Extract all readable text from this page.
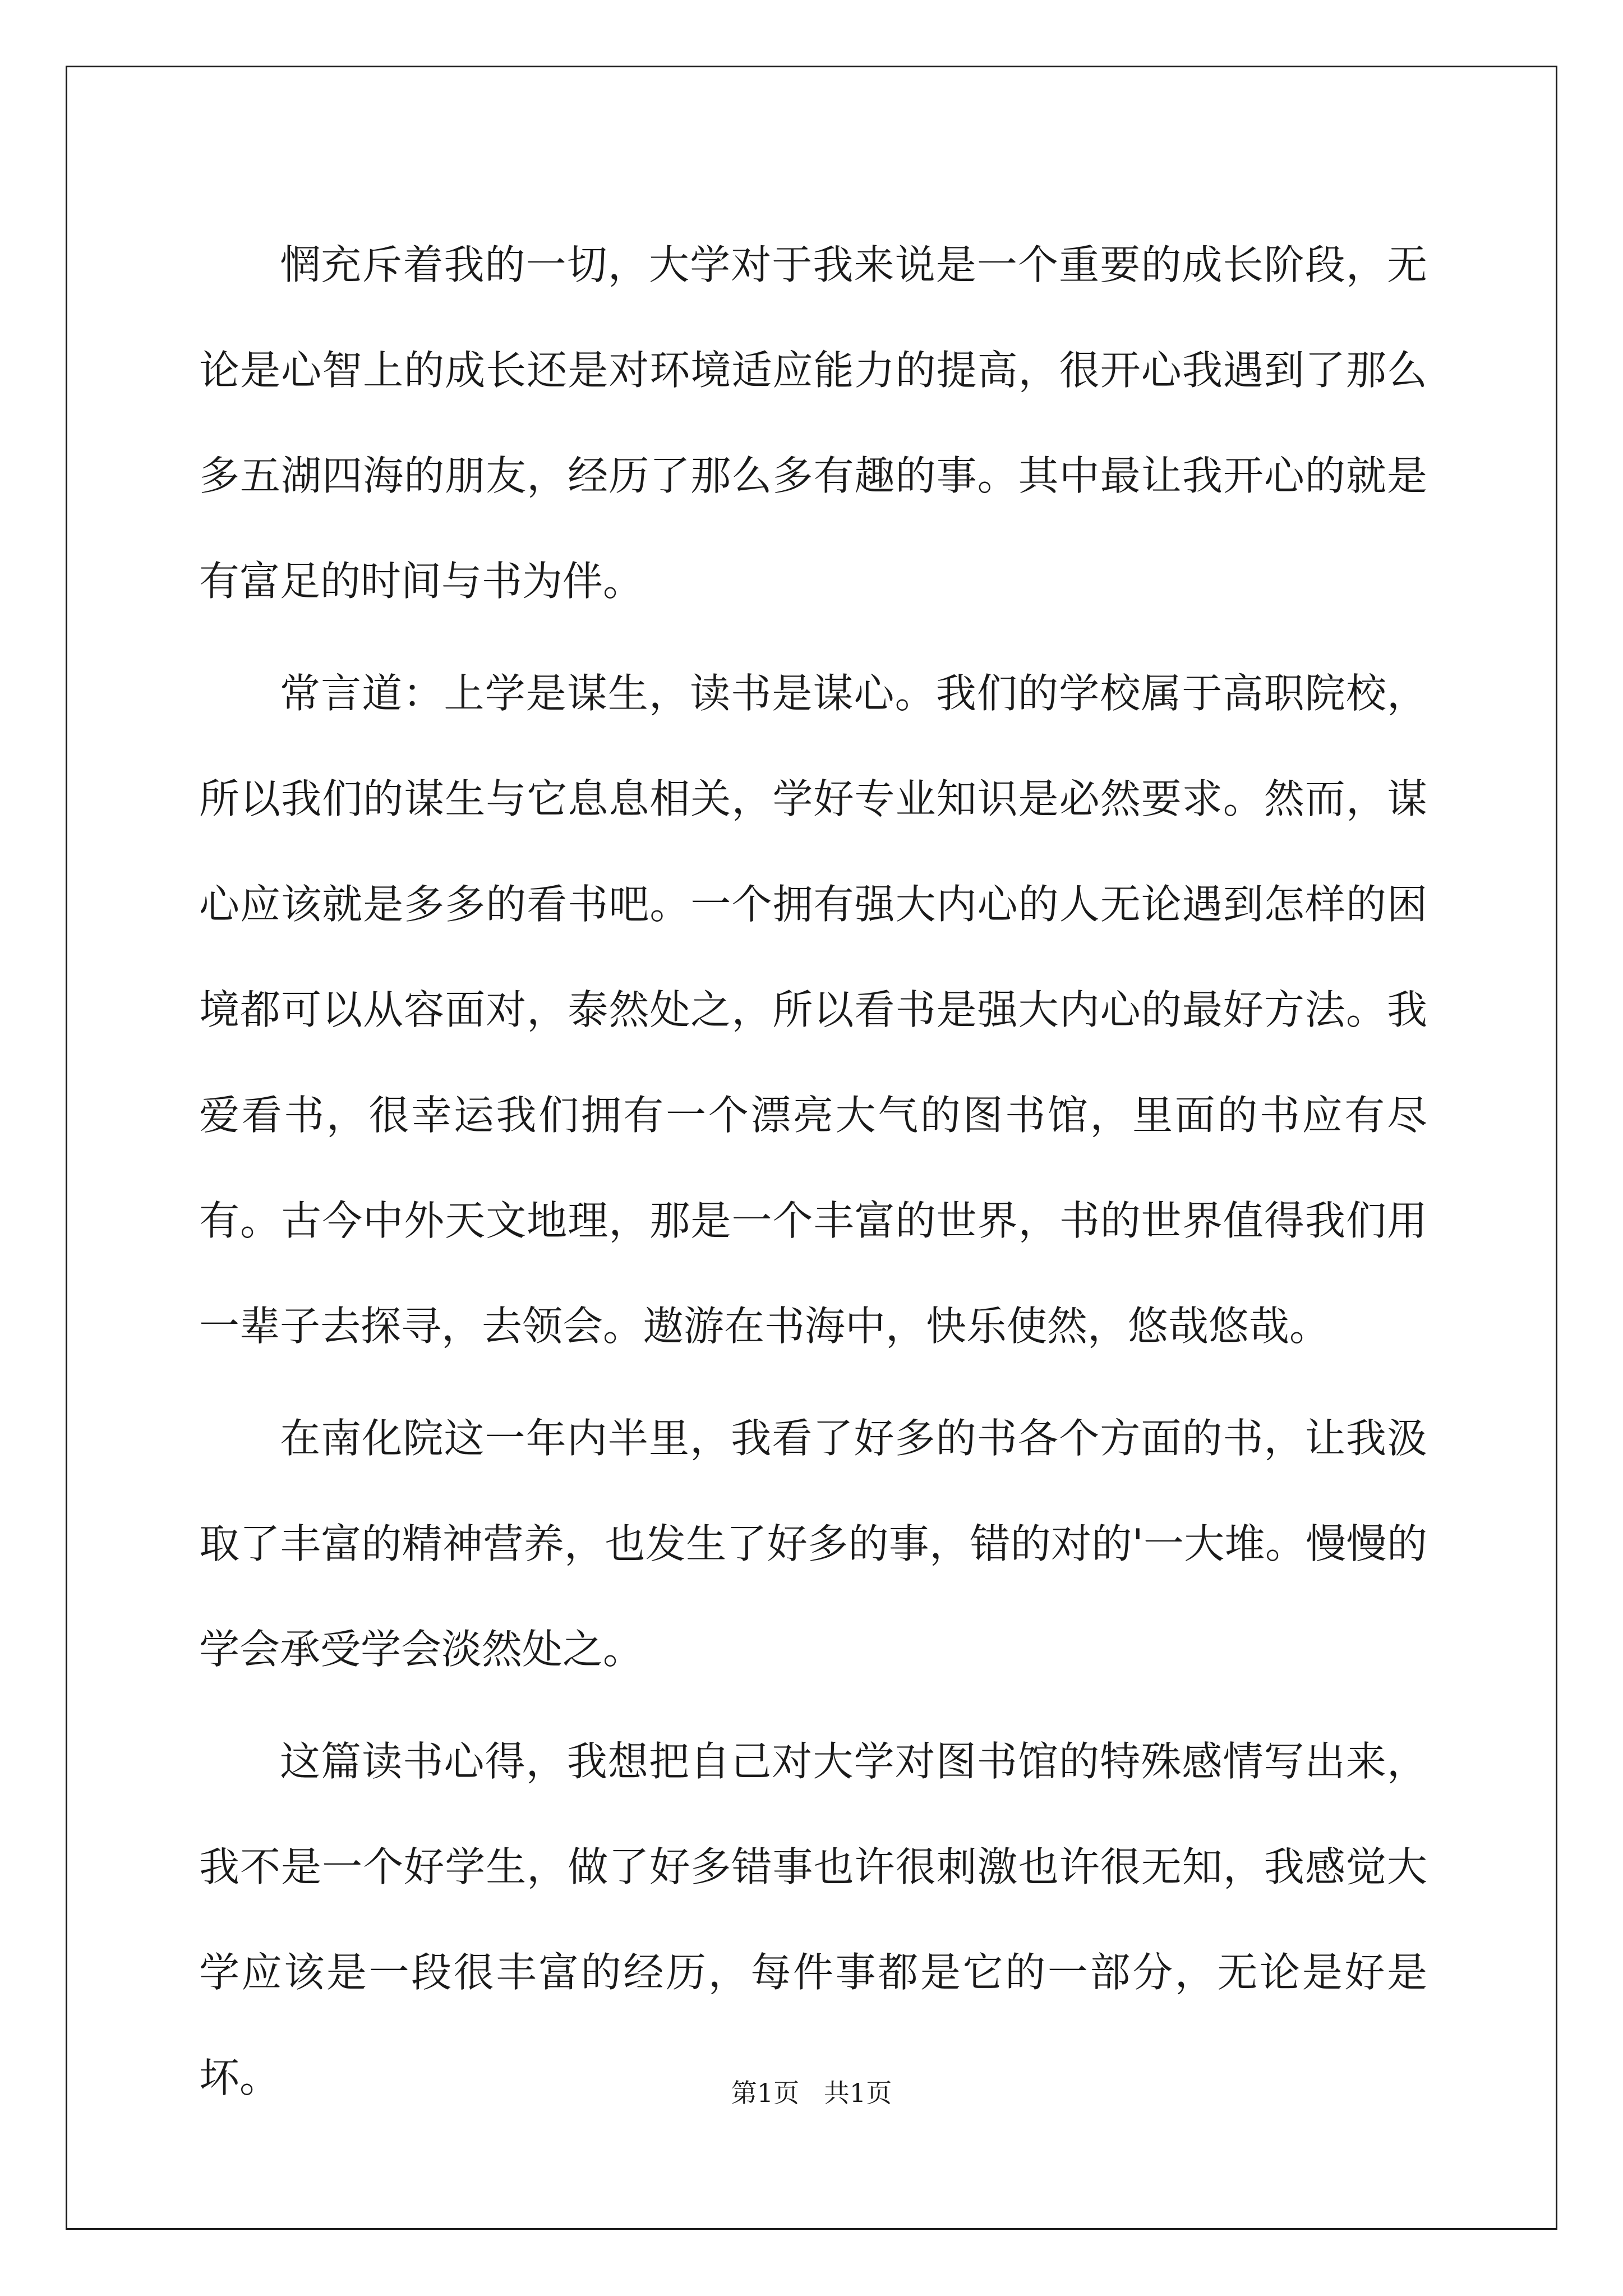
惘充斥着我的一切，大学对于我来说是一个重要的成长阶段，无论是心智上的成长还是对环境适应能力的提高，很开心我遇到了那么多五湖四海的朋友，经历了那么多有趣的事。其中最让我开心的就是有富足的时间与书为伴。

常言道：上学是谋生，读书是谋心。我们的学校属于高职院校，所以我们的谋生与它息息相关，学好专业知识是必然要求。然而，谋心应该就是多多的看书吧。一个拥有强大内心的人无论遇到怎样的困境都可以从容面对，泰然处之，所以看书是强大内心的最好方法。我爱看书，很幸运我们拥有一个漂亮大气的图书馆，里面的书应有尽有。古今中外天文地理，那是一个丰富的世界，书的世界值得我们用一辈子去探寻，去领会。遨游在书海中，快乐使然，悠哉悠哉。

在南化院这一年内半里，我看了好多的书各个方面的书，让我汲取了丰富的精神营养，也发生了好多的事，错的对的'一大堆。慢慢的学会承受学会淡然处之。

这篇读书心得，我想把自己对大学对图书馆的特殊感情写出来，我不是一个好学生，做了好多错事也许很刺激也许很无知，我感觉大学应该是一段很丰富的经历，每件事都是它的一部分，无论是好是坏。	第1页   共1页
